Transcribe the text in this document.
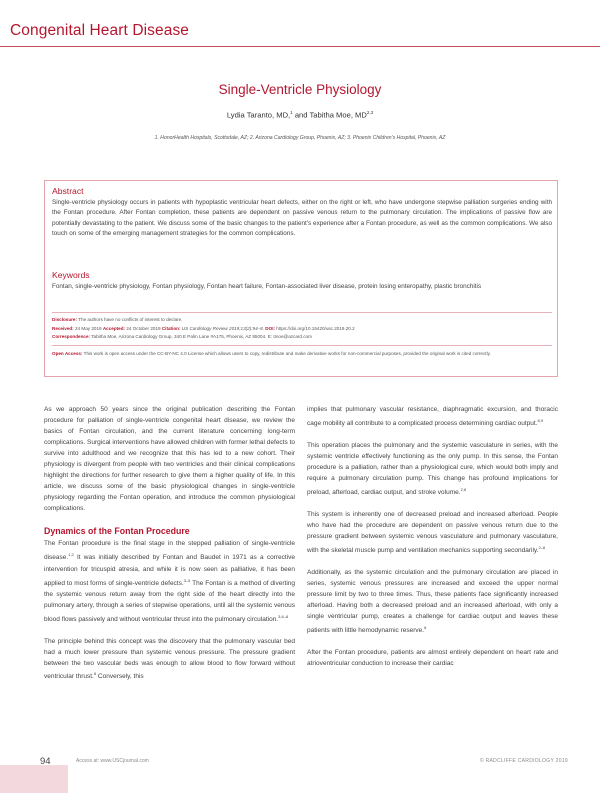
Congenital Heart Disease
Single-Ventricle Physiology
Lydia Taranto, MD,$^1$ and Tabitha Moe, MD$^{2,3}$
1. HonorHealth Hospitals, Scottsdale, AZ; 2. Arizona Cardiology Group, Phoenix, AZ; 3. Phoenix Children's Hospital, Phoenix, AZ
Abstract
Single-ventricle physiology occurs in patients with hypoplastic ventricular heart defects, either on the right or left, who have undergone stepwise palliation surgeries ending with the Fontan procedure. After Fontan completion, these patients are dependent on passive venous return to the pulmonary circulation. The implications of passive flow are potentially devastating to the patient. We discuss some of the basic changes to the patient's experience after a Fontan procedure, as well as the common complications. We also touch on some of the emerging management strategies for the common complications.
Keywords
Fontan, single-ventricle physiology, Fontan physiology, Fontan heart failure, Fontan-associated liver disease, protein losing enteropathy, plastic bronchitis
Disclosure: The authors have no conflicts of interest to declare.
Received: 24 May 2019 Accepted: 24 October 2019 Citation: US Cardiology Review 2019;13(2):94–8. DOI: https://doi.org/10.15420/usc.2019.20.2
Correspondence: Tabitha Moe, Arizona Cardiology Group, 340 E Palm Lane #A175, Phoenix, AZ 85004. E: tmoe@azcard.com
Open Access: This work is open access under the CC-BY-NC 4.0 License which allows users to copy, redistribute and make derivative works for non-commercial purposes, provided the original work is cited correctly.

As we approach 50 years since the original publication describing the Fontan procedure for palliation of single-ventricle congenital heart disease, we review the basics of Fontan circulation, and the current literature concerning long-term complications. Surgical interventions have allowed children with former lethal defects to survive into adulthood and we recognize that this has led to a new cohort. Their physiology is divergent from people with two ventricles and their clinical complications highlight the directions for further research to give them a higher quality of life. In this article, we discuss some of the basic physiological changes in single-ventricle physiology regarding the Fontan operation, and introduce the common physiological complications.

Dynamics of the Fontan Procedure

The Fontan procedure is the final stage in the stepped palliation of single-ventricle disease.$^{1,2}$ It was initially described by Fontan and Baudet in 1971 as a corrective intervention for tricuspid atresia, and while it is now seen as palliative, it has been applied to most forms of single-ventricle defects.$^{3-5}$ The Fontan is a method of diverting the systemic venous return away from the right side of the heart directly into the pulmonary artery, through a series of stepwise operations, until all the systemic venous blood flows passively and without ventricular thrust into the pulmonary circulation.$^{3,6-8}$

The principle behind this concept was the discovery that the pulmonary vascular bed had a much lower pressure than systemic venous pressure. The pressure gradient between the two vascular beds was enough to allow blood to flow forward without ventricular thrust.$^8$ Conversely, this

implies that pulmonary vascular resistance, diaphragmatic excursion, and thoracic cage mobility all contribute to a complicated process determining cardiac output.$^{8,9}$

This operation places the pulmonary and the systemic vasculature in series, with the systemic ventricle effectively functioning as the only pump. In this sense, the Fontan procedure is a palliation, rather than a physiological cure, which would both imply and require a pulmonary circulation pump. This change has profound implications for preload, afterload, cardiac output, and stroke volume.$^{2,8}$

This system is inherently one of decreased preload and increased afterload. People who have had the procedure are dependent on passive venous return due to the pressure gradient between systemic venous vasculature and pulmonary vasculature, with the skeletal muscle pump and ventilation mechanics supporting secondarily.$^{2-8}$

Additionally, as the systemic circulation and the pulmonary circulation are placed in series, systemic venous pressures are increased and exceed the upper normal pressure limit by two to three times. Thus, these patients face significantly increased afterload. Having both a decreased preload and an increased afterload, with only a single ventricular pump, creates a challenge for cardiac output and leaves these patients with little hemodynamic reserve.$^8$

After the Fontan procedure, patients are almost entirely dependent on heart rate and atrioventricular conduction to increase their cardiac

94	Access at: www.USCjournal.com	© RADCLIFFE CARDIOLOGY 2019
